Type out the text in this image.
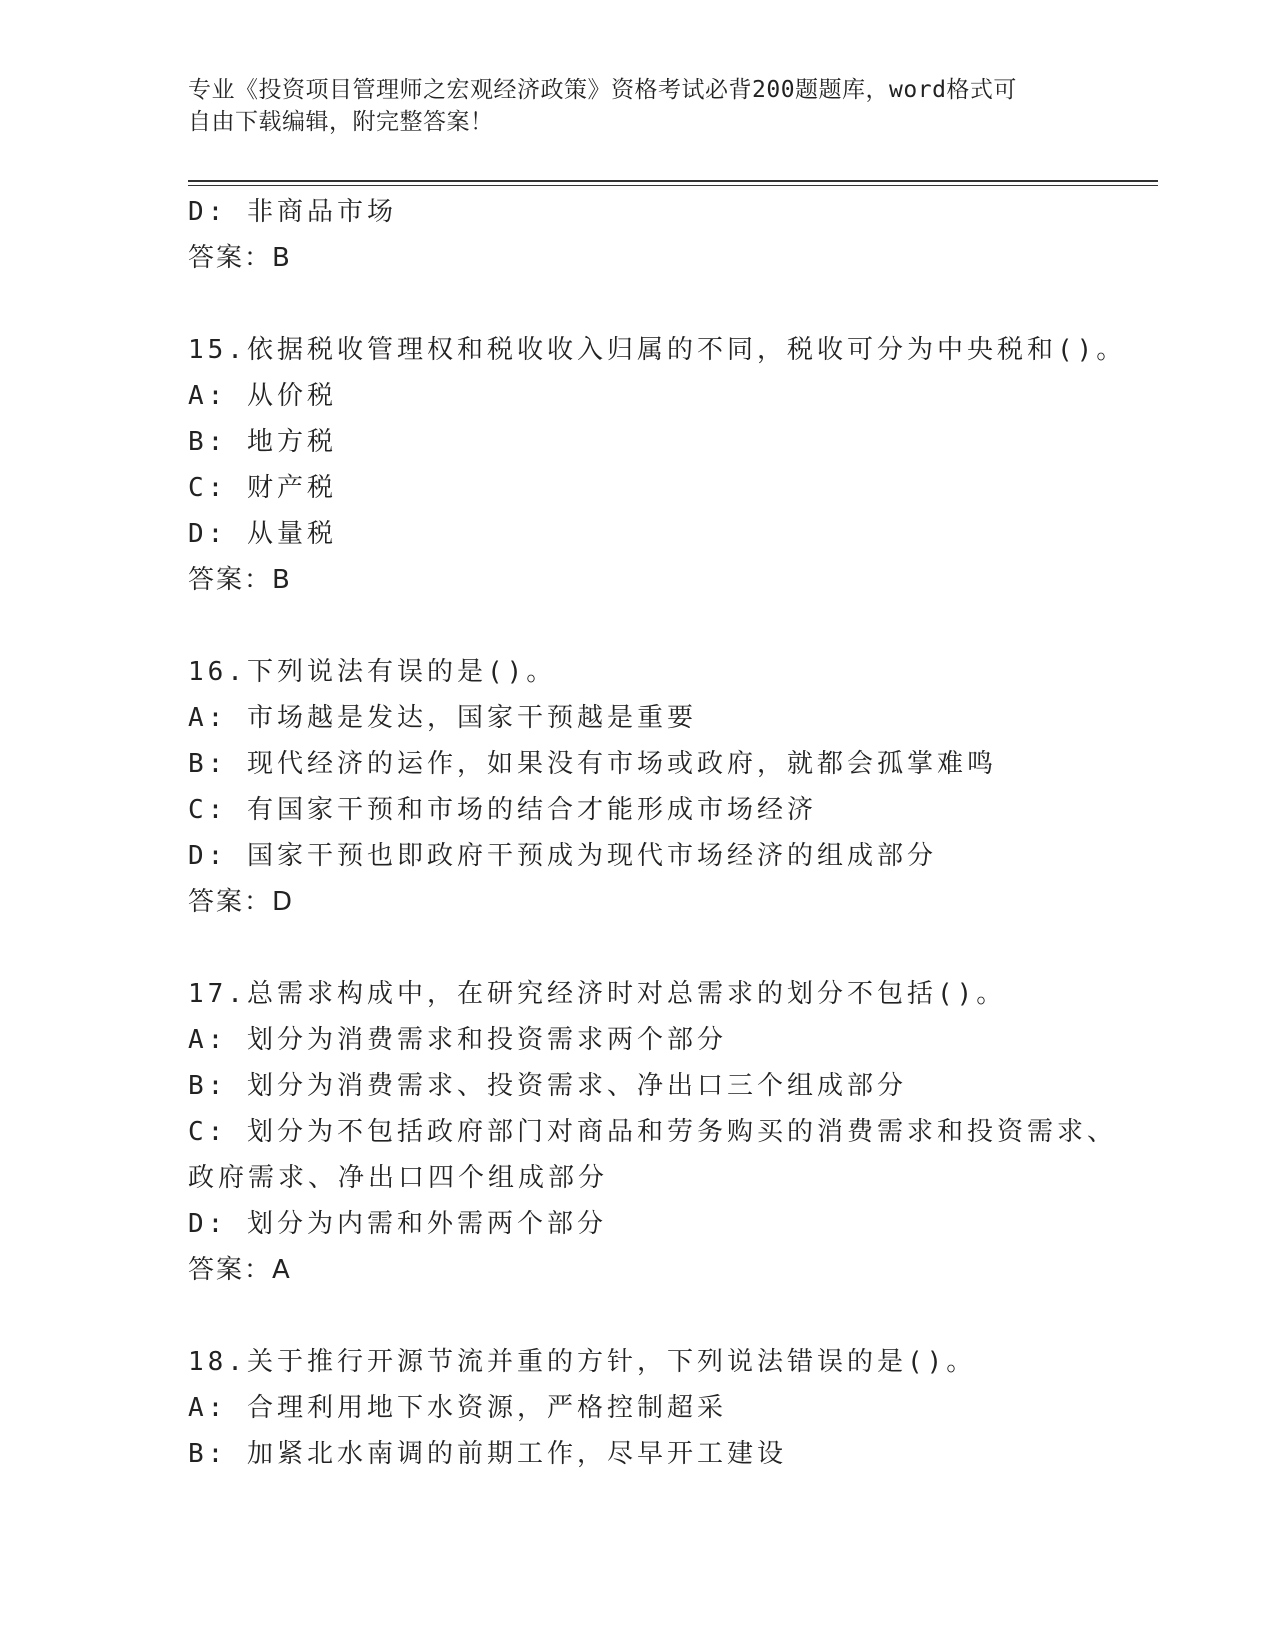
专业《投资项目管理师之宏观经济政策》资格考试必背200题题库，word格式可
自由下载编辑，附完整答案！
D: 非商品市场
答案：B
15.依据税收管理权和税收收入归属的不同，税收可分为中央税和()。
A: 从价税
B: 地方税
C: 财产税
D: 从量税
答案：B
16.下列说法有误的是()。
A: 市场越是发达，国家干预越是重要
B: 现代经济的运作，如果没有市场或政府，就都会孤掌难鸣
C: 有国家干预和市场的结合才能形成市场经济
D: 国家干预也即政府干预成为现代市场经济的组成部分
答案：D
17.总需求构成中，在研究经济时对总需求的划分不包括()。
A: 划分为消费需求和投资需求两个部分
B: 划分为消费需求、投资需求、净出口三个组成部分
C: 划分为不包括政府部门对商品和劳务购买的消费需求和投资需求、
政府需求、净出口四个组成部分
D: 划分为内需和外需两个部分
答案：A
18.关于推行开源节流并重的方针，下列说法错误的是()。
A: 合理利用地下水资源，严格控制超采
B: 加紧北水南调的前期工作，尽早开工建设
